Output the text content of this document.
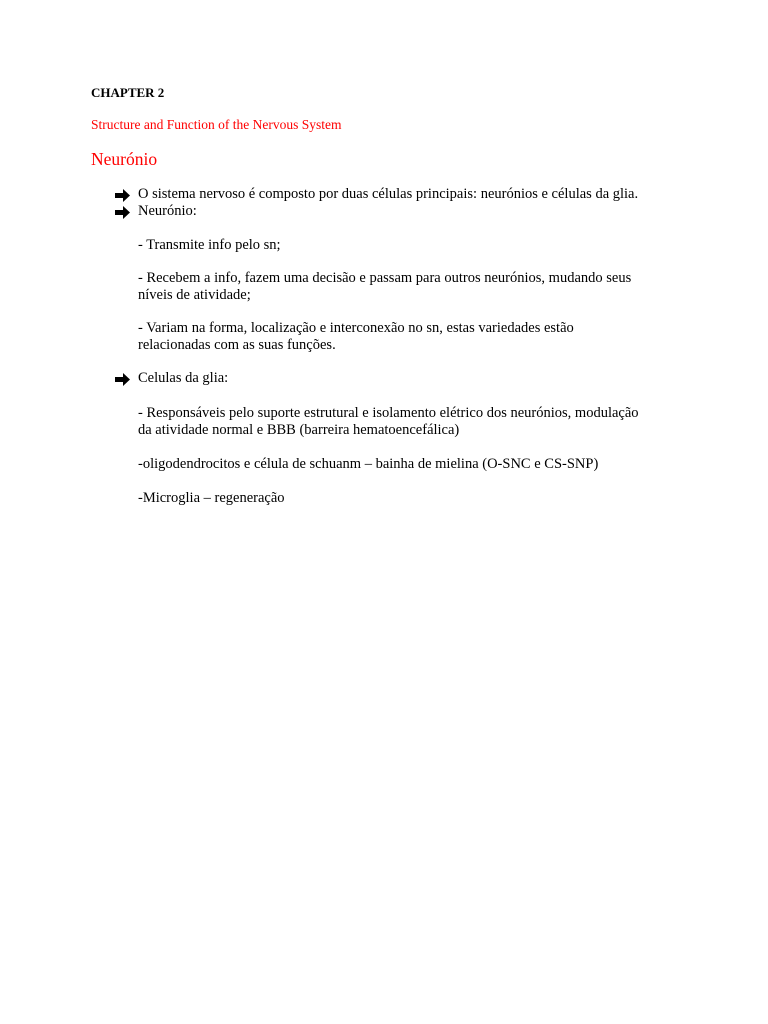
CHAPTER 2
Structure and Function of the Nervous System
Neurónio
O sistema nervoso é composto por duas células principais: neurónios e células da glia.
Neurónio:
- Transmite info pelo sn;
- Recebem a info, fazem uma decisão e passam para outros neurónios, mudando seus
níveis de atividade;
- Variam na forma, localização e interconexão no sn, estas variedades estão
relacionadas com as suas funções.
Celulas da glia:
- Responsáveis pelo suporte estrutural e isolamento elétrico dos neurónios, modulação
da atividade normal e BBB (barreira hematoencefálica)
-oligodendrocitos e célula de schuanm – bainha de mielina (O-SNC e CS-SNP)
-Microglia – regeneração
